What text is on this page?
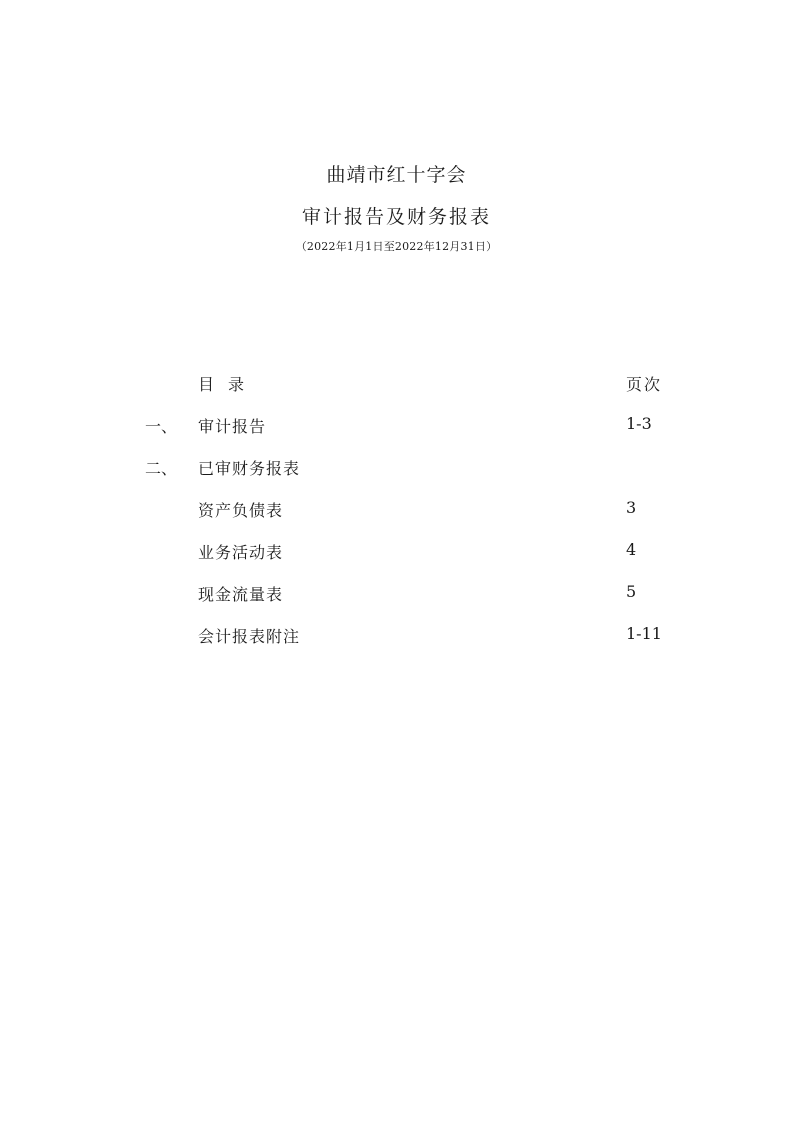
曲靖市红十字会
审计报告及财务报表
（2022年1月1日至2022年12月31日）
目录	页次
一、 审计报告	1-3
二、 已审财务报表
资产负债表	3
业务活动表	4
现金流量表	5
会计报表附注	1-11
